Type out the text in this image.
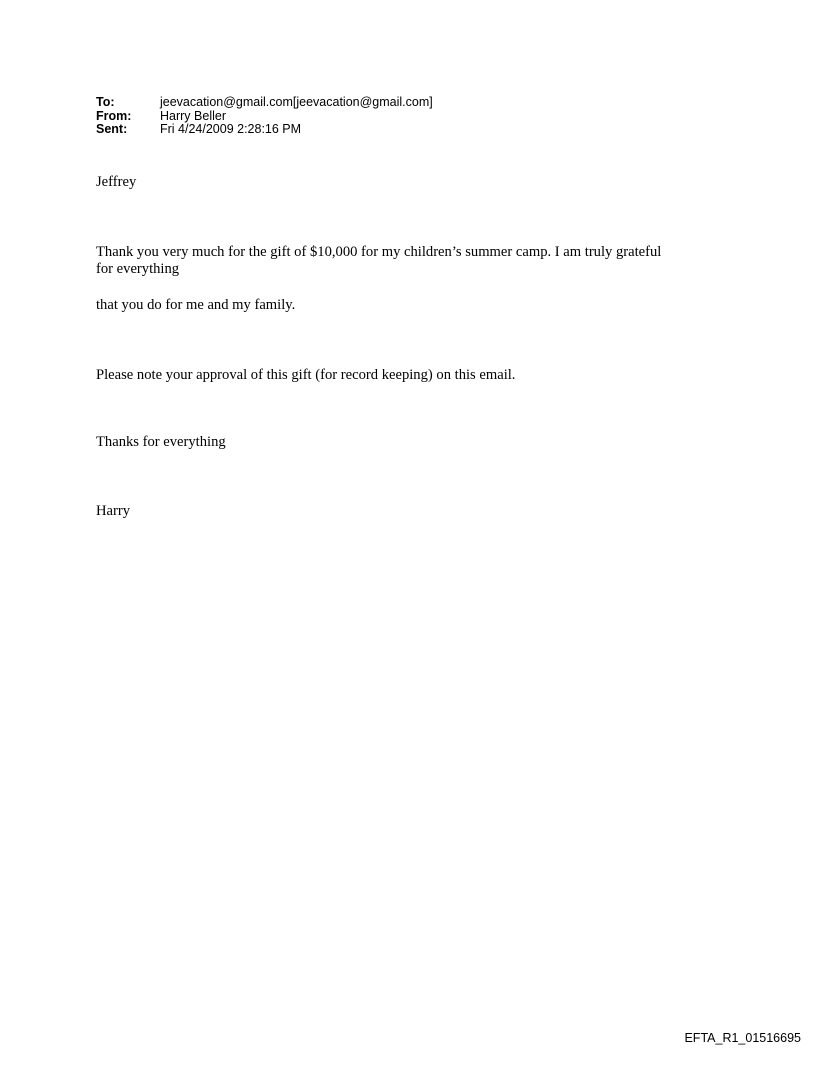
To:	jeevacation@gmail.com[jeevacation@gmail.com]
From:	Harry Beller
Sent:	Fri 4/24/2009 2:28:16 PM
Jeffrey
Thank you very much for the gift of $10,000 for my children’s summer camp. I am truly grateful
for everything
that you do for me and my family.
Please note your approval of this gift (for record keeping) on this email.
Thanks for everything
Harry
EFTA_R1_01516695
